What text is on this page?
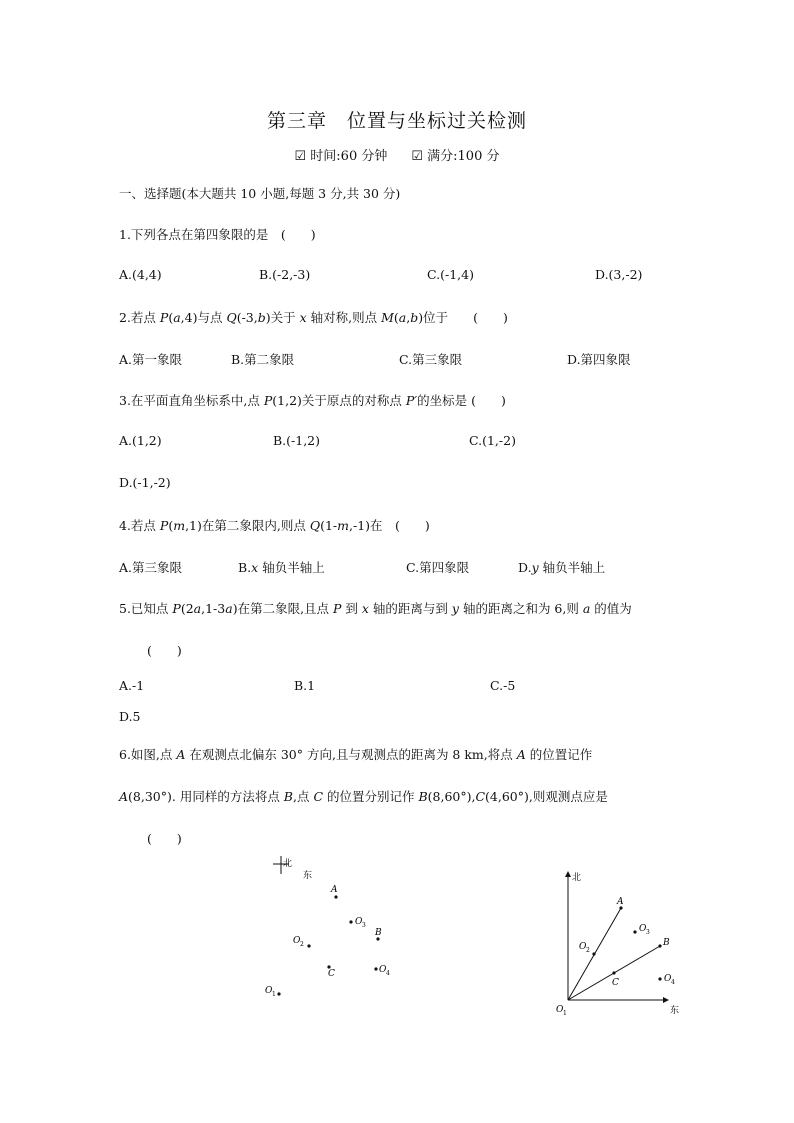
第三章　位置与坐标过关检测
☑ 时间:60 分钟 ☑ 满分:100 分
一、选择题(本大题共 10 小题,每题 3 分,共 30 分)
1.下列各点在第四象限的是　(　　)
A.(4,4)	B.(-2,-3)	C.(-1,4)	D.(3,-2)
2.若点 P(a,4)与点 Q(-3,b)关于 x 轴对称,则点 M(a,b)位于　　(　　)
A.第一象限	B.第二象限	C.第三象限	D.第四象限
3.在平面直角坐标系中,点 P(1,2)关于原点的对称点 P′的坐标是 (　　)
A.(1,2)	B.(-1,2)	C.(1,-2)
D.(-1,-2)
4.若点 P(m,1)在第二象限内,则点 Q(1-m,-1)在　(　　)
A.第三象限	B.x 轴负半轴上	C.第四象限	D.y 轴负半轴上
5.已知点 P(2a,1-3a)在第二象限,且点 P 到 x 轴的距离与到 y 轴的距离之和为 6,则 a 的值为
(　　)
A.-1	B.1	C.-5
D.5
6.如图,点 A 在观测点北偏东 30° 方向,且与观测点的距离为 8 km,将点 A 的位置记作
A(8,30°). 用同样的方法将点 B,点 C 的位置分别记作 B(8,60°),C(4,60°),则观测点应是
(　　)
北
东
A
O 3
B
O 2
C	O 4
O 1
北
东
A
O 3
O 2
B
C	O 4
O 1
